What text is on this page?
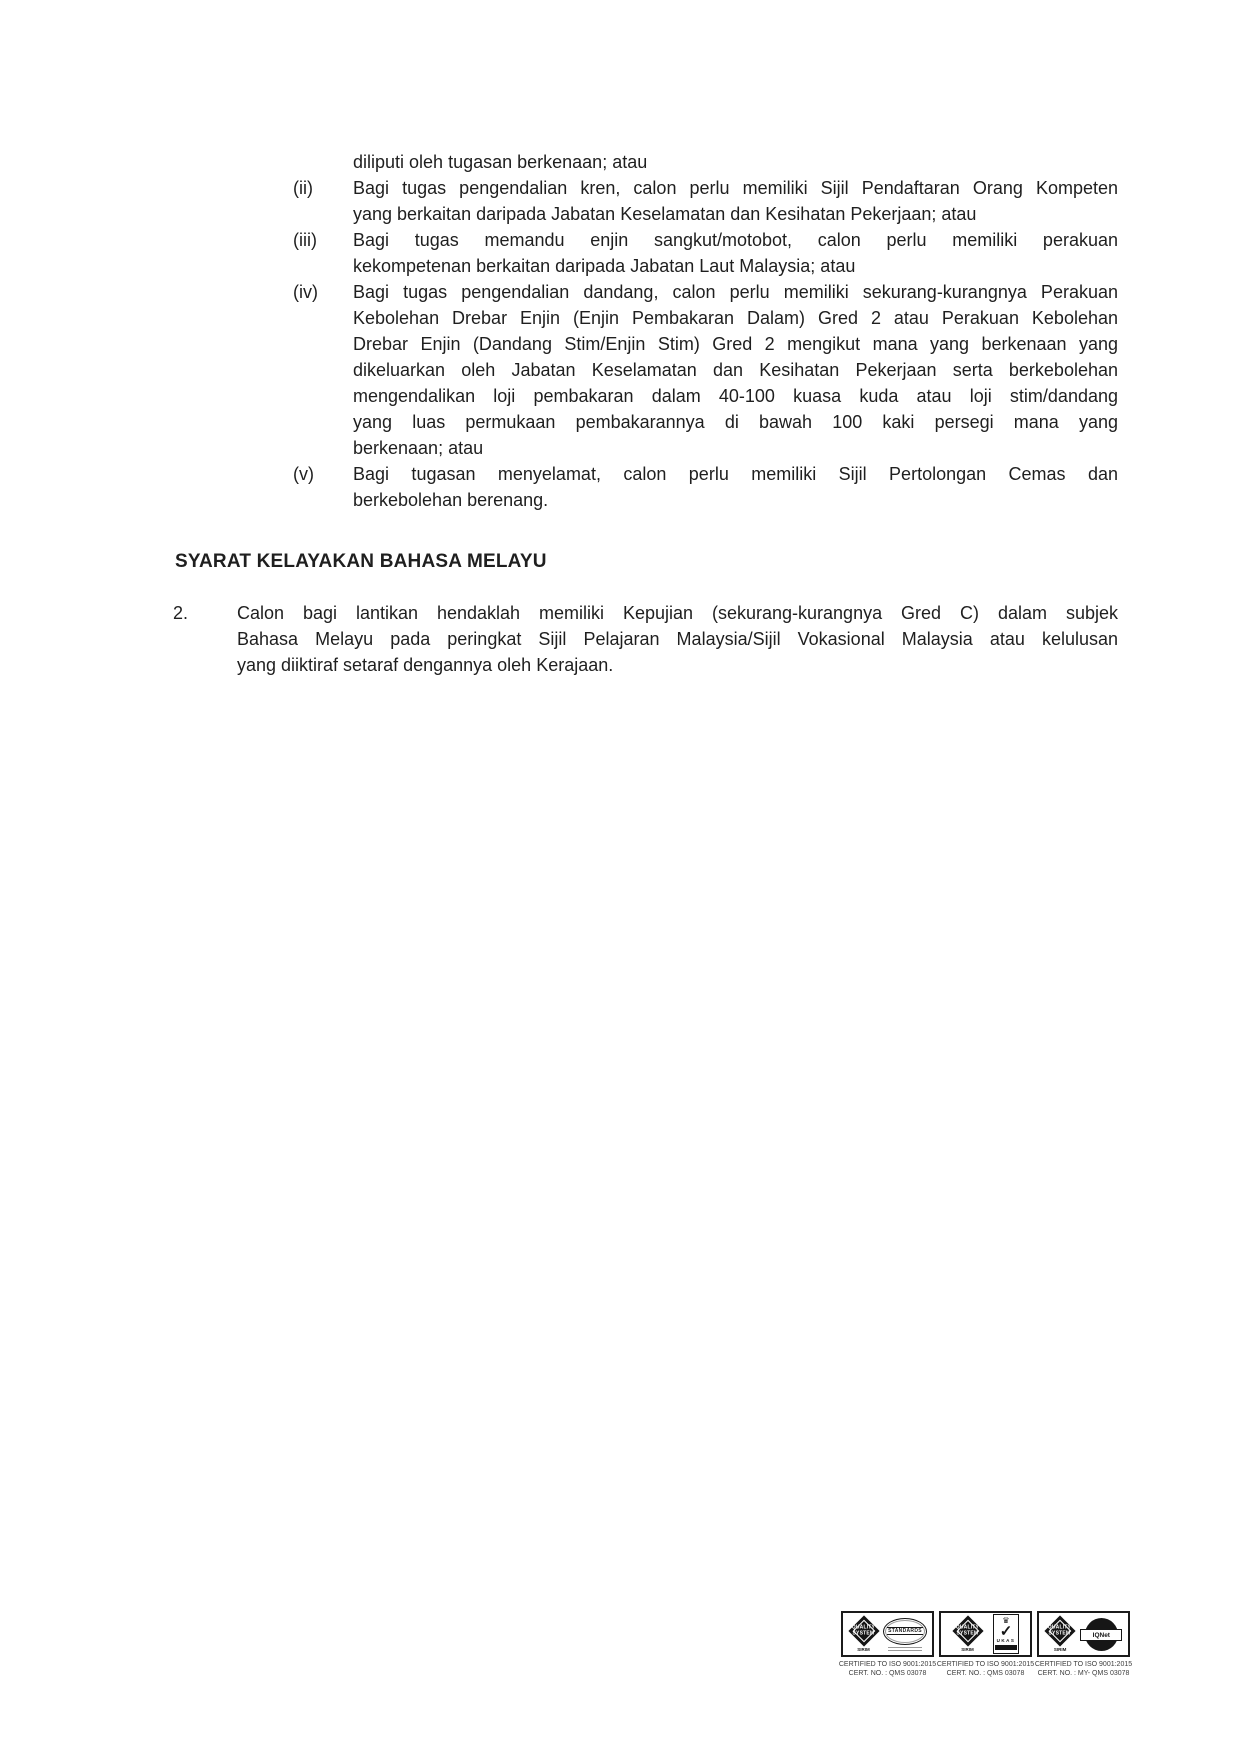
diliputi oleh tugasan berkenaan; atau
(ii)	Bagi tugas pengendalian kren, calon perlu memiliki Sijil Pendaftaran Orang Kompeten
yang berkaitan daripada Jabatan Keselamatan dan Kesihatan Pekerjaan; atau
(iii)	Bagi tugas memandu enjin sangkut/motobot, calon perlu memiliki perakuan
kekompetenan berkaitan daripada Jabatan Laut Malaysia; atau
(iv)	Bagi tugas pengendalian dandang, calon perlu memiliki sekurang-kurangnya Perakuan
Kebolehan Drebar Enjin (Enjin Pembakaran Dalam) Gred 2 atau Perakuan Kebolehan
Drebar Enjin (Dandang Stim/Enjin Stim) Gred 2 mengikut mana yang berkenaan yang
dikeluarkan oleh Jabatan Keselamatan dan Kesihatan Pekerjaan serta berkebolehan
mengendalikan loji pembakaran dalam 40-100 kuasa kuda atau loji stim/dandang
yang luas permukaan pembakarannya di bawah 100 kaki persegi mana yang
berkenaan; atau
(v)	Bagi tugasan menyelamat, calon perlu memiliki Sijil Pertolongan Cemas dan
berkebolehan berenang.
SYARAT KELAYAKAN BAHASA MELAYU
2.	Calon bagi lantikan hendaklah memiliki Kepujian (sekurang-kurangnya Gred C) dalam subjek
Bahasa Melayu pada peringkat Sijil Pelajaran Malaysia/Sijil Vokasional Malaysia atau kelulusan
yang diiktiraf setaraf dengannya oleh Kerajaan.
QUALITY
SYSTEM
SIRIM
STANDARDS
CERTIFIED TO ISO 9001:2015
CERT. NO. : QMS 03078
QUALITY
SYSTEM
SIRIM
♛
✓
UKAS
CERTIFIED TO ISO 9001:2015
CERT. NO. : QMS 03078
QUALITY
SYSTEM
SIRIM
IQNet
CERTIFIED TO ISO 9001:2015
CERT. NO. : MY- QMS 03078
